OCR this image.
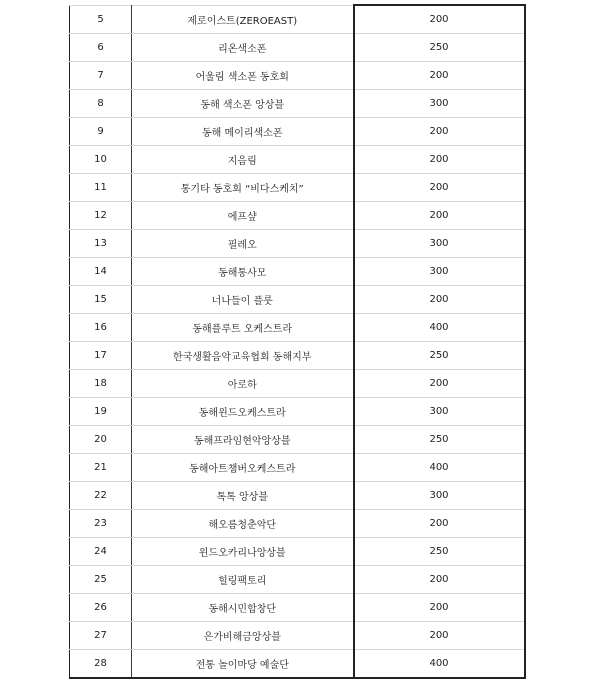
5	제로이스트(ZEROEAST)	200
6	리온색소폰	250
7	어울림 색소폰 동호회	200
8	동해 색소폰 앙상블	300
9	동해 메이리색소폰	200
10	지음림	200
11	통기타 동호회 “비다스케치”	200
12	에프샾	200
13	필레오	300
14	동해통사모	300
15	너나들이 플룻	200
16	동해플루트 오케스트라	400
17	한국생활음악교육협회 동해지부	250
18	아로하	200
19	동해윈드오케스트라	300
20	동해프라임현악앙상블	250
21	동해아트챔버오케스트라	400
22	톡톡 앙상블	300
23	해오름청춘악단	200
24	윈드오카리나앙상블	250
25	힐링팩토리	200
26	동해시민합창단	200
27	은가비해금앙상블	200
28	전통 놀이마당 예술단	400
